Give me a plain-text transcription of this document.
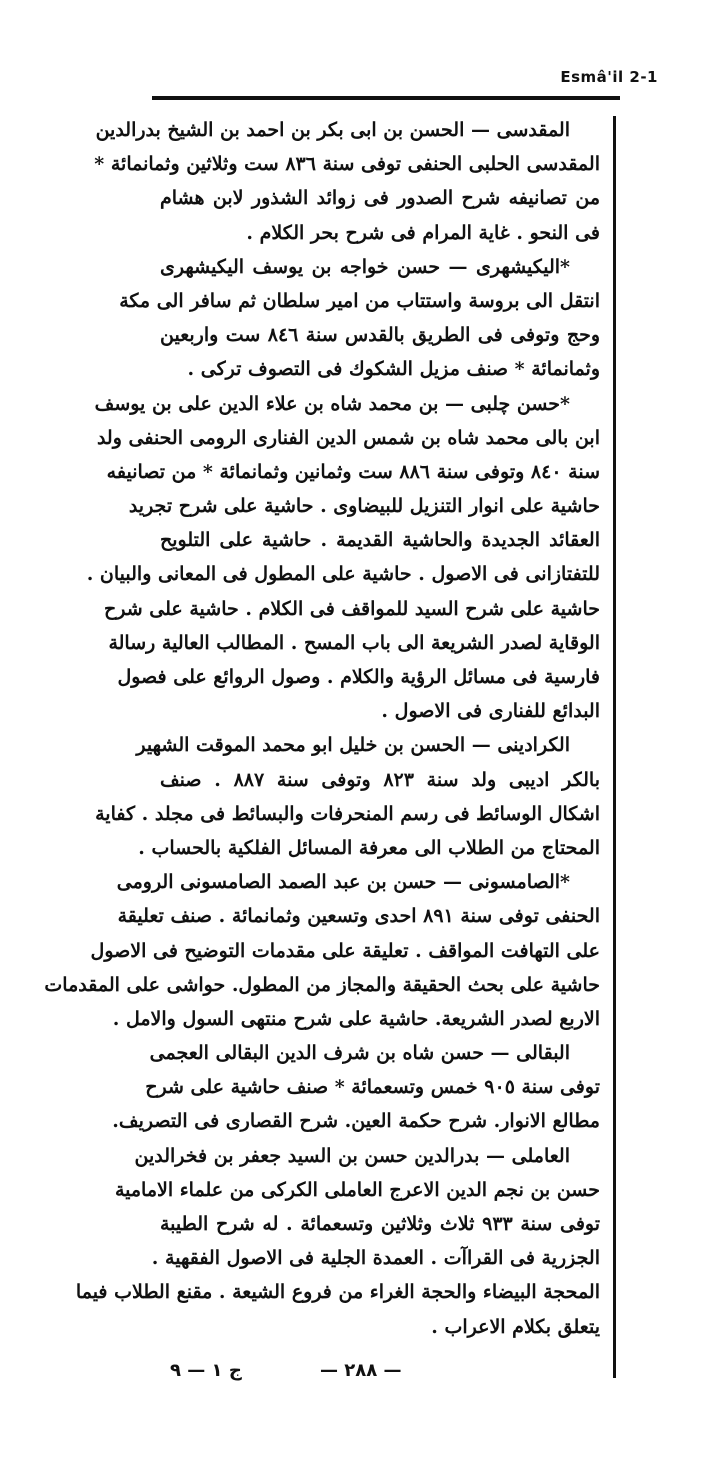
Esmâ'il 2-1
المقدسى — الحسن بن ابى بكر بن احمد بن الشيخ بدرالدين
المقدسى الحلبى الحنفى توفى سنة ٨٣٦ ست وثلاثين وثمانمائة *
من تصانيفه شرح الصدور فى زوائد الشذور لابن هشام
فى النحو . غاية المرام فى شرح بحر الكلام .
*اليكيشهرى — حسن خواجه بن يوسف اليكيشهرى
انتقل الى بروسة واستتاب من امير سلطان ثم سافر الى مكة
وحج وتوفى فى الطريق بالقدس سنة ٨٤٦ ست واربعين
وثمانمائة * صنف مزيل الشكوك فى التصوف تركى .
*حسن چلبى — بن محمد شاه بن علاء الدين على بن يوسف
ابن بالى محمد شاه بن شمس الدين الفنارى الرومى الحنفى ولد
سنة ٨٤٠ وتوفى سنة ٨٨٦ ست وثمانين وثمانمائة * من تصانيفه
حاشية على انوار التنزيل للبيضاوى . حاشية على شرح تجريد
العقائد الجديدة والحاشية القديمة . حاشية على التلويح
للتفتازانى فى الاصول . حاشية على المطول فى المعانى والبيان .
حاشية على شرح السيد للمواقف فى الكلام . حاشية على شرح
الوقاية لصدر الشريعة الى باب المسح . المطالب العالية رسالة
فارسية فى مسائل الرؤية والكلام . وصول الروائع على فصول
البدائع للفنارى فى الاصول .
الكرادينى — الحسن بن خليل ابو محمد الموقت الشهير
بالكر اديبى ولد سنة ٨٢٣ وتوفى سنة ٨٨٧ . صنف
اشكال الوسائط فى رسم المنحرفات والبسائط فى مجلد . كفاية
المحتاج من الطلاب الى معرفة المسائل الفلكية بالحساب .
*الصامسونى — حسن بن عبد الصمد الصامسونى الرومى
الحنفى توفى سنة ٨٩١ احدى وتسعين وثمانمائة . صنف تعليقة
على التهافت المواقف . تعليقة على مقدمات التوضيح فى الاصول
حاشية على بحث الحقيقة والمجاز من المطول. حواشى على المقدمات
الاربع لصدر الشريعة. حاشية على شرح منتهى السول والامل .
البقالى — حسن شاه بن شرف الدين البقالى العجمى
توفى سنة ٩٠٥ خمس وتسعمائة * صنف حاشية على شرح
مطالع الانوار. شرح حكمة العين. شرح القصارى فى التصريف.
العاملى — بدرالدين حسن بن السيد جعفر بن فخرالدين
حسن بن نجم الدين الاعرج العاملى الكركى من علماء الامامية
توفى سنة ٩٣٣ ثلاث وثلاثين وتسعمائة . له شرح الطيبة
الجزرية فى القراآت . العمدة الجلية فى الاصول الفقهية .
المحجة البيضاء والحجة الغراء من فروع الشيعة . مقنع الطلاب فيما
يتعلق بكلام الاعراب .
ج ١ — ٩	— ٢٨٨ —
